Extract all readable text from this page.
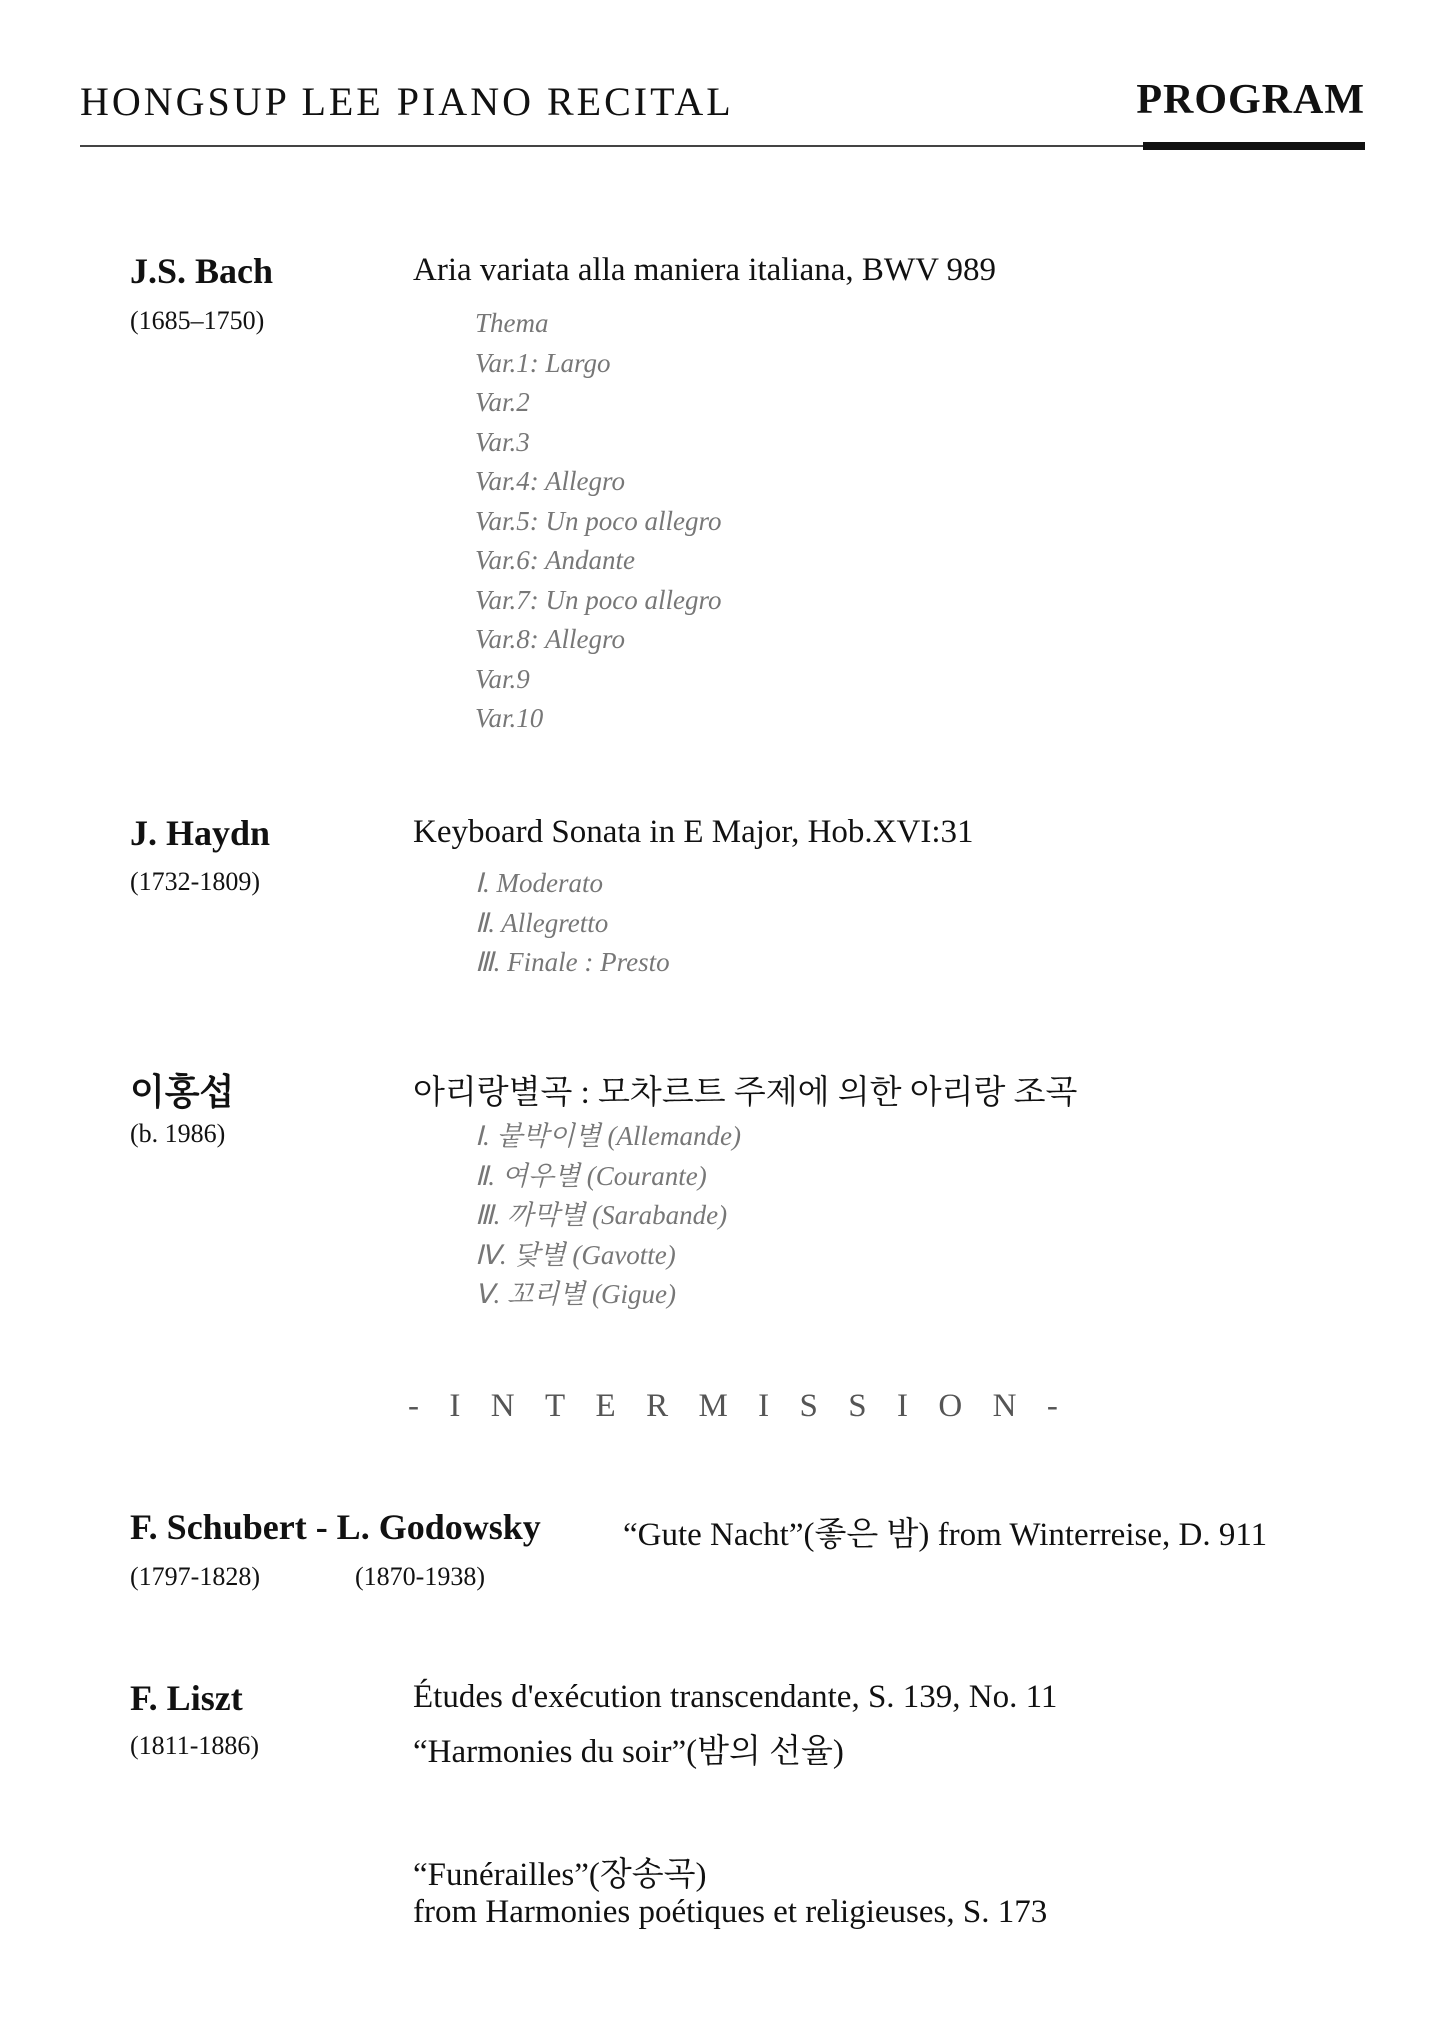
HONGSUP LEE PIANO RECITAL	PROGRAM
J.S. Bach
(1685–1750)
Aria variata alla maniera italiana, BWV 989
Thema
Var.1: Largo
Var.2
Var.3
Var.4: Allegro
Var.5: Un poco allegro
Var.6: Andante
Var.7: Un poco allegro
Var.8: Allegro
Var.9
Var.10
J. Haydn
(1732-1809)
Keyboard Sonata in E Major, Hob.XVI:31
Ⅰ. Moderato
Ⅱ. Allegretto
Ⅲ. Finale : Presto
이홍섭
(b. 1986)
아리랑별곡 : 모차르트 주제에 의한 아리랑 조곡
Ⅰ. 붙박이별 (Allemande)
Ⅱ. 여우별 (Courante)
Ⅲ. 까막별 (Sarabande)
Ⅳ. 닻별 (Gavotte)
Ⅴ. 꼬리별 (Gigue)
- I N T E R M I S S I O N -
F. Schubert - L. Godowsky
(1797-1828)	(1870-1938)
“Gute Nacht”(좋은 밤) from Winterreise, D. 911
F. Liszt
(1811-1886)
Études d'exécution transcendante, S. 139, No. 11
“Harmonies du soir”(밤의 선율)
“Funérailles”(장송곡)
from Harmonies poétiques et religieuses, S. 173
